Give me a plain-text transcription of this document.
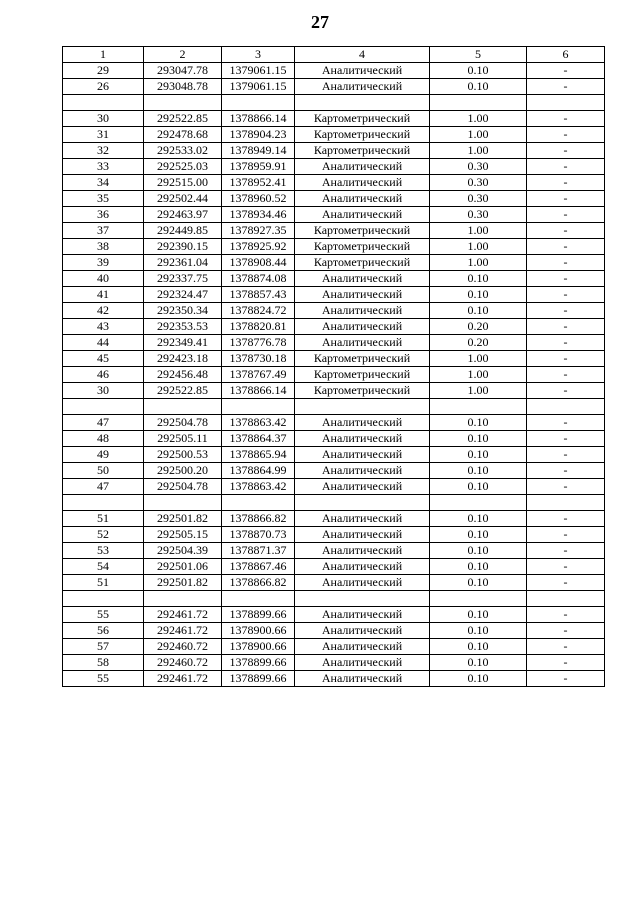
27
1	2	3	4	5	6
29	293047.78	1379061.15	Аналитический	0.10	-
26	293048.78	1379061.15	Аналитический	0.10	-

30	292522.85	1378866.14	Картометрический	1.00	-
31	292478.68	1378904.23	Картометрический	1.00	-
32	292533.02	1378949.14	Картометрический	1.00	-
33	292525.03	1378959.91	Аналитический	0.30	-
34	292515.00	1378952.41	Аналитический	0.30	-
35	292502.44	1378960.52	Аналитический	0.30	-
36	292463.97	1378934.46	Аналитический	0.30	-
37	292449.85	1378927.35	Картометрический	1.00	-
38	292390.15	1378925.92	Картометрический	1.00	-
39	292361.04	1378908.44	Картометрический	1.00	-
40	292337.75	1378874.08	Аналитический	0.10	-
41	292324.47	1378857.43	Аналитический	0.10	-
42	292350.34	1378824.72	Аналитический	0.10	-
43	292353.53	1378820.81	Аналитический	0.20	-
44	292349.41	1378776.78	Аналитический	0.20	-
45	292423.18	1378730.18	Картометрический	1.00	-
46	292456.48	1378767.49	Картометрический	1.00	-
30	292522.85	1378866.14	Картометрический	1.00	-

47	292504.78	1378863.42	Аналитический	0.10	-
48	292505.11	1378864.37	Аналитический	0.10	-
49	292500.53	1378865.94	Аналитический	0.10	-
50	292500.20	1378864.99	Аналитический	0.10	-
47	292504.78	1378863.42	Аналитический	0.10	-

51	292501.82	1378866.82	Аналитический	0.10	-
52	292505.15	1378870.73	Аналитический	0.10	-
53	292504.39	1378871.37	Аналитический	0.10	-
54	292501.06	1378867.46	Аналитический	0.10	-
51	292501.82	1378866.82	Аналитический	0.10	-

55	292461.72	1378899.66	Аналитический	0.10	-
56	292461.72	1378900.66	Аналитический	0.10	-
57	292460.72	1378900.66	Аналитический	0.10	-
58	292460.72	1378899.66	Аналитический	0.10	-
55	292461.72	1378899.66	Аналитический	0.10	-
